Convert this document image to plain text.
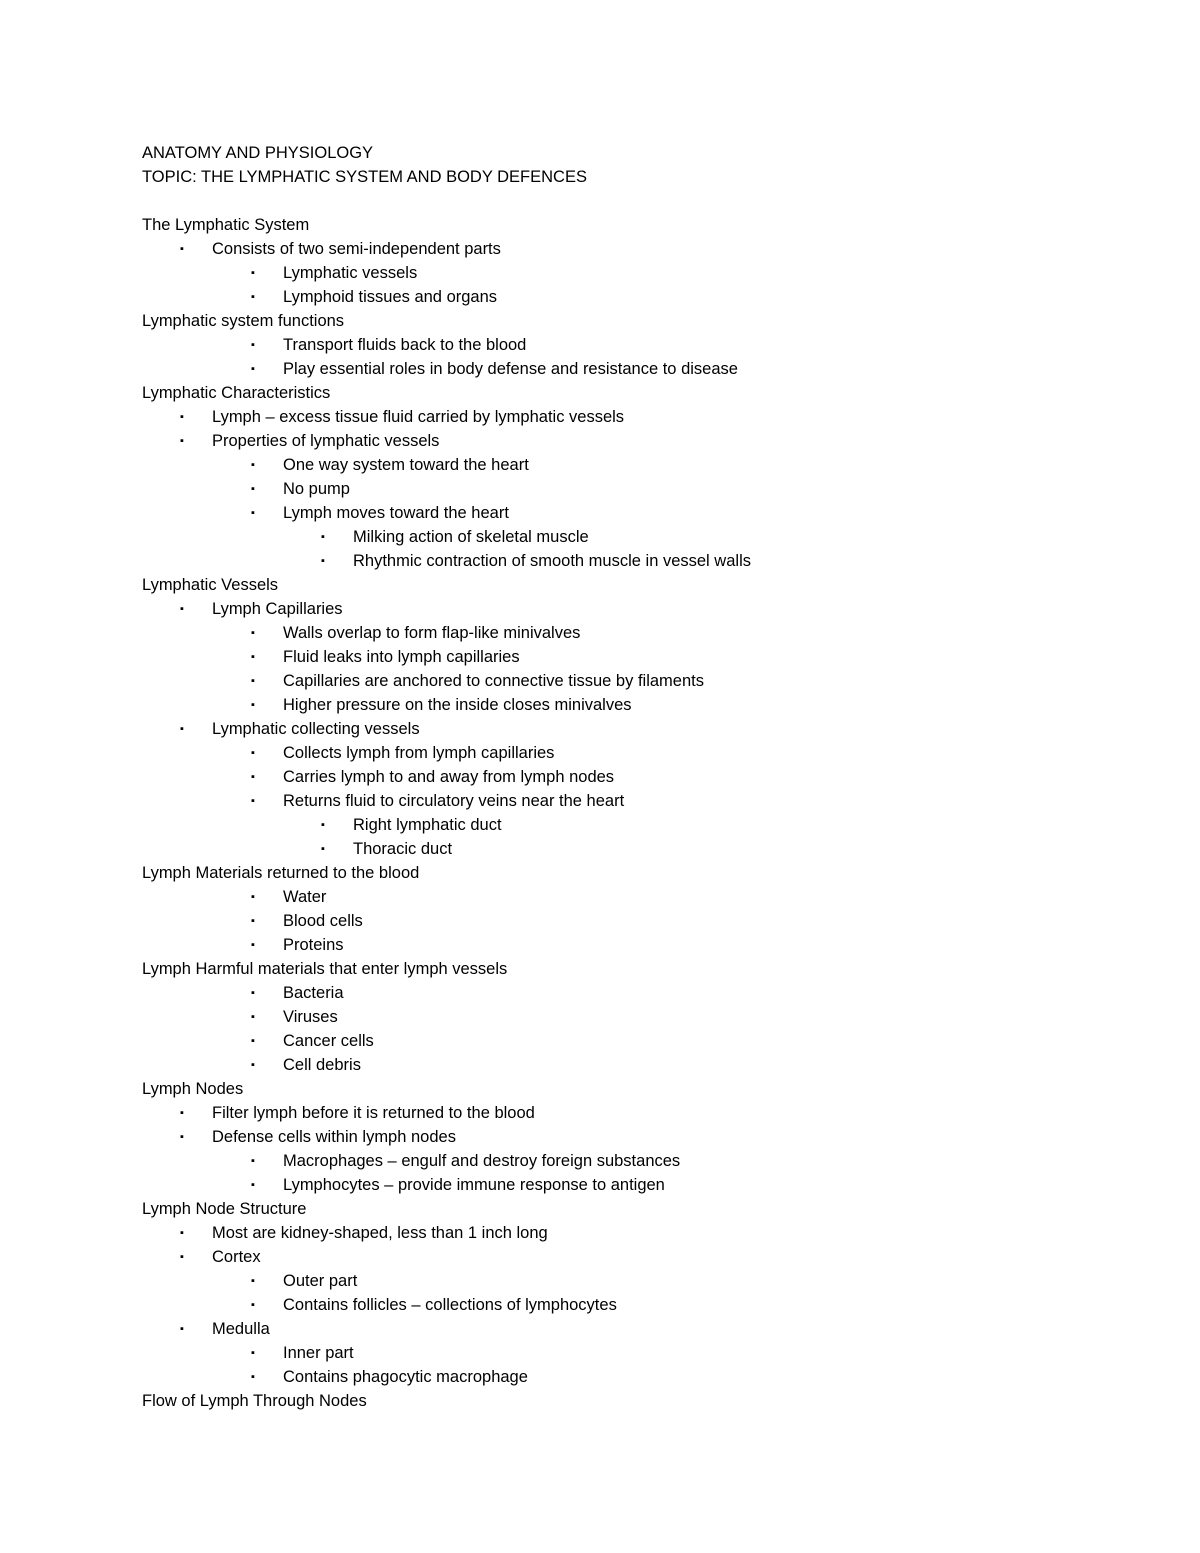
ANATOMY AND PHYSIOLOGY
TOPIC: THE LYMPHATIC SYSTEM AND BODY DEFENCES
The Lymphatic System
▪ Consists of two semi-independent parts
▪ Lymphatic vessels
▪ Lymphoid tissues and organs
Lymphatic system functions
▪ Transport fluids back to the blood
▪ Play essential roles in body defense and resistance to disease
Lymphatic Characteristics
▪ Lymph – excess tissue fluid carried by lymphatic vessels
▪ Properties of lymphatic vessels
▪ One way system toward the heart
▪ No pump
▪ Lymph moves toward the heart
▪ Milking action of skeletal muscle
▪ Rhythmic contraction of smooth muscle in vessel walls
Lymphatic Vessels
▪ Lymph Capillaries
▪ Walls overlap to form flap-like minivalves
▪ Fluid leaks into lymph capillaries
▪ Capillaries are anchored to connective tissue by filaments
▪ Higher pressure on the inside closes minivalves
▪ Lymphatic collecting vessels
▪ Collects lymph from lymph capillaries
▪ Carries lymph to and away from lymph nodes
▪ Returns fluid to circulatory veins near the heart
▪ Right lymphatic duct
▪ Thoracic duct
Lymph Materials returned to the blood
▪ Water
▪ Blood cells
▪ Proteins
Lymph Harmful materials that enter lymph vessels
▪ Bacteria
▪ Viruses
▪ Cancer cells
▪ Cell debris
Lymph Nodes
▪ Filter lymph before it is returned to the blood
▪ Defense cells within lymph nodes
▪ Macrophages – engulf and destroy foreign substances
▪ Lymphocytes – provide immune response to antigen
Lymph Node Structure
▪ Most are kidney-shaped, less than 1 inch long
▪ Cortex
▪ Outer part
▪ Contains follicles – collections of lymphocytes
▪ Medulla
▪ Inner part
▪ Contains phagocytic macrophage
Flow of Lymph Through Nodes
